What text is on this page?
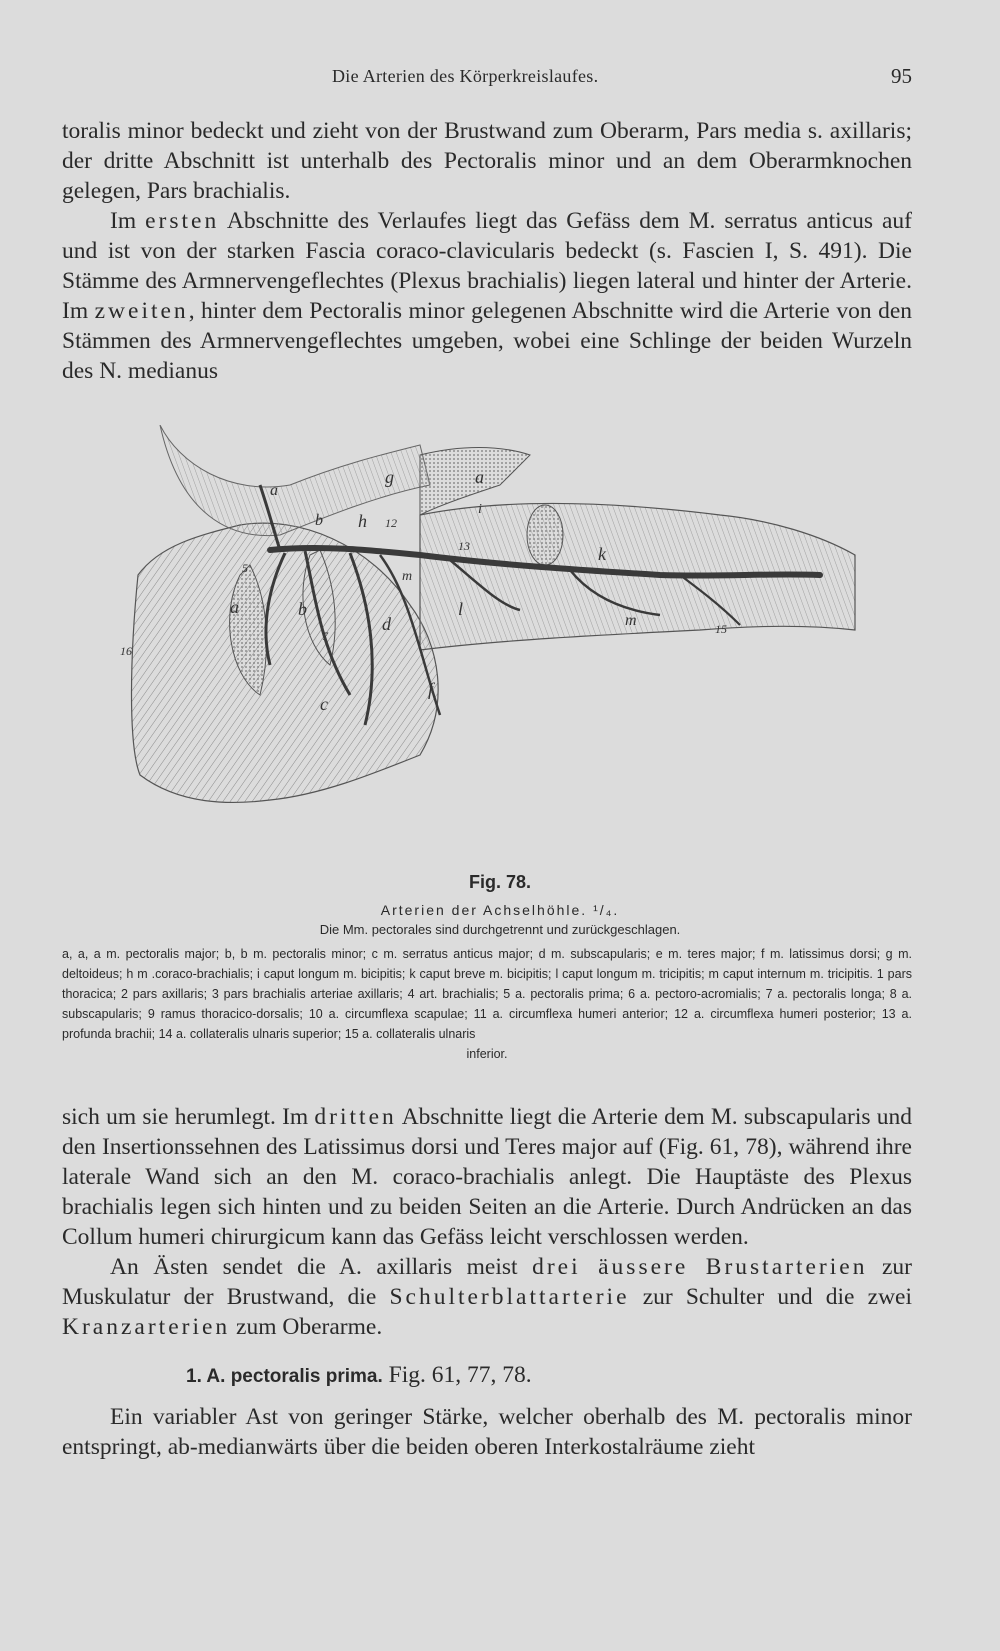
Die Arterien des Körperkreislaufes.	95

toralis minor bedeckt und zieht von der Brustwand zum Oberarm, Pars media s. axillaris; der dritte Abschnitt ist unterhalb des Pectoralis minor und an dem Oberarmknochen gelegen, Pars brachialis.

Im ersten Abschnitte des Verlaufes liegt das Gefäss dem M. serratus anticus auf und ist von der starken Fascia coraco-clavicularis bedeckt (s. Fascien I, S. 491). Die Stämme des Armnervengeflechtes (Plexus brachialis) liegen lateral und hinter der Arterie. Im zweiten, hinter dem Pectoralis minor gelegenen Abschnitte wird die Arterie von den Stämmen des Armnervengeflechtes umgeben, wobei eine Schlinge der beiden Wurzeln des N. medianus

a
a
a
b
b
c
d
f
g
h
i
k
l
m
m
5
7
12
13
15
16
Fig. 78.
Arterien der Achselhöhle. ¹/₄.
Die Mm. pectorales sind durchgetrennt und zurückgeschlagen.
a, a, a m. pectoralis major; b, b m. pectoralis minor; c m. serratus anticus major; d m. subscapularis; e m. teres major; f m. latissimus dorsi; g m. deltoideus; h m .coraco-brachialis; i caput longum m. bicipitis; k caput breve m. bicipitis; l caput longum m. tricipitis; m caput internum m. tricipitis. 1 pars thoracica; 2 pars axillaris; 3 pars brachialis arteriae axillaris; 4 art. brachialis; 5 a. pectoralis prima; 6 a. pectoro-acromialis; 7 a. pectoralis longa; 8 a. subscapularis; 9 ramus thoracico-dorsalis; 10 a. circumflexa scapulae; 11 a. circumflexa humeri anterior; 12 a. circumflexa humeri posterior; 13 a. profunda brachii; 14 a. collateralis ulnaris superior; 15 a. collateralis ulnaris
inferior.

sich um sie herumlegt. Im dritten Abschnitte liegt die Arterie dem M. subscapularis und den Insertionssehnen des Latissimus dorsi und Teres major auf (Fig. 61, 78), während ihre laterale Wand sich an den M. coraco-brachialis anlegt. Die Hauptäste des Plexus brachialis legen sich hinten und zu beiden Seiten an die Arterie. Durch Andrücken an das Collum humeri chirurgicum kann das Gefäss leicht verschlossen werden.

An Ästen sendet die A. axillaris meist drei äussere Brustarterien zur Muskulatur der Brustwand, die Schulterblattarterie zur Schulter und die zwei Kranzarterien zum Oberarme.

1. A. pectoralis prima. Fig. 61, 77, 78.

Ein variabler Ast von geringer Stärke, welcher oberhalb des M. pectoralis minor entspringt, ab-medianwärts über die beiden oberen Interkostalräume zieht
